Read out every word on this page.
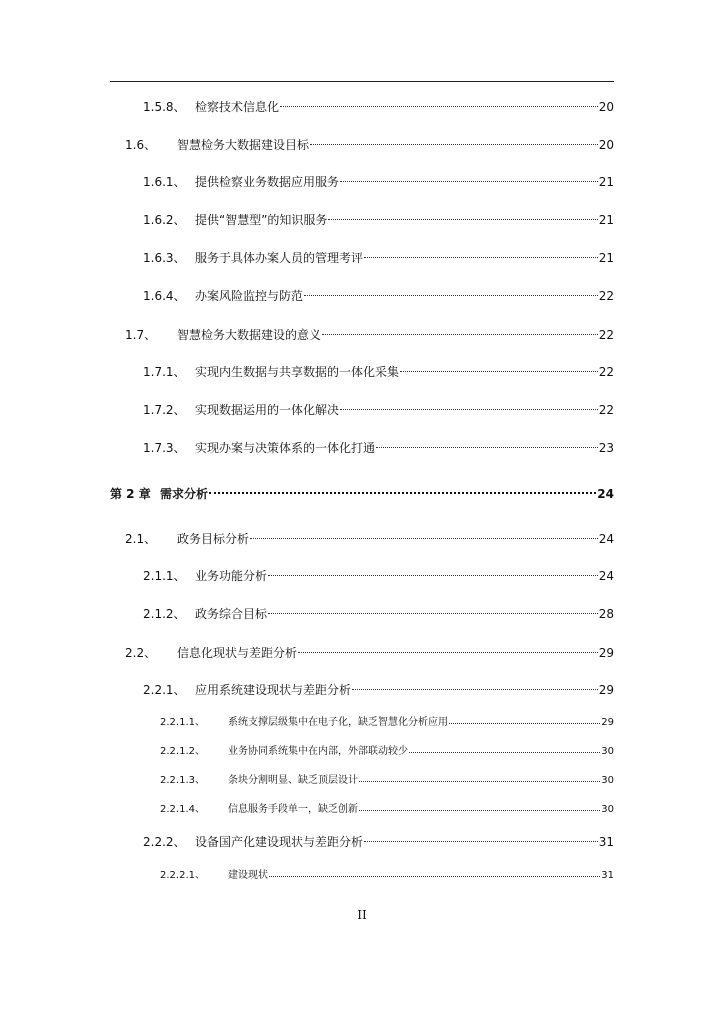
1.5.8、 检察技术信息化	20
1.6、	智慧检务大数据建设目标	20
1.6.1、 提供检察业务数据应用服务	21
1.6.2、 提供“智慧型”的知识服务	21
1.6.3、 服务于具体办案人员的管理考评	21
1.6.4、 办案风险监控与防范	22
1.7、	智慧检务大数据建设的意义	22
1.7.1、 实现内生数据与共享数据的一体化采集	22
1.7.2、 实现数据运用的一体化解决	22
1.7.3、 实现办案与决策体系的一体化打通	23
第 2 章 需求分析	24
2.1、	政务目标分析	24
2.1.1、 业务功能分析	24
2.1.2、 政务综合目标	28
2.2、	信息化现状与差距分析	29
2.2.1、 应用系统建设现状与差距分析	29
2.2.1.1、	系统支撑层级集中在电子化，缺乏智慧化分析应用	29
2.2.1.2、	业务协同系统集中在内部，外部联动较少	30
2.2.1.3、	条块分割明显、缺乏顶层设计	30
2.2.1.4、	信息服务手段单一，缺乏创新	30
2.2.2、 设备国产化建设现状与差距分析	31
2.2.2.1、	建设现状	31
II
